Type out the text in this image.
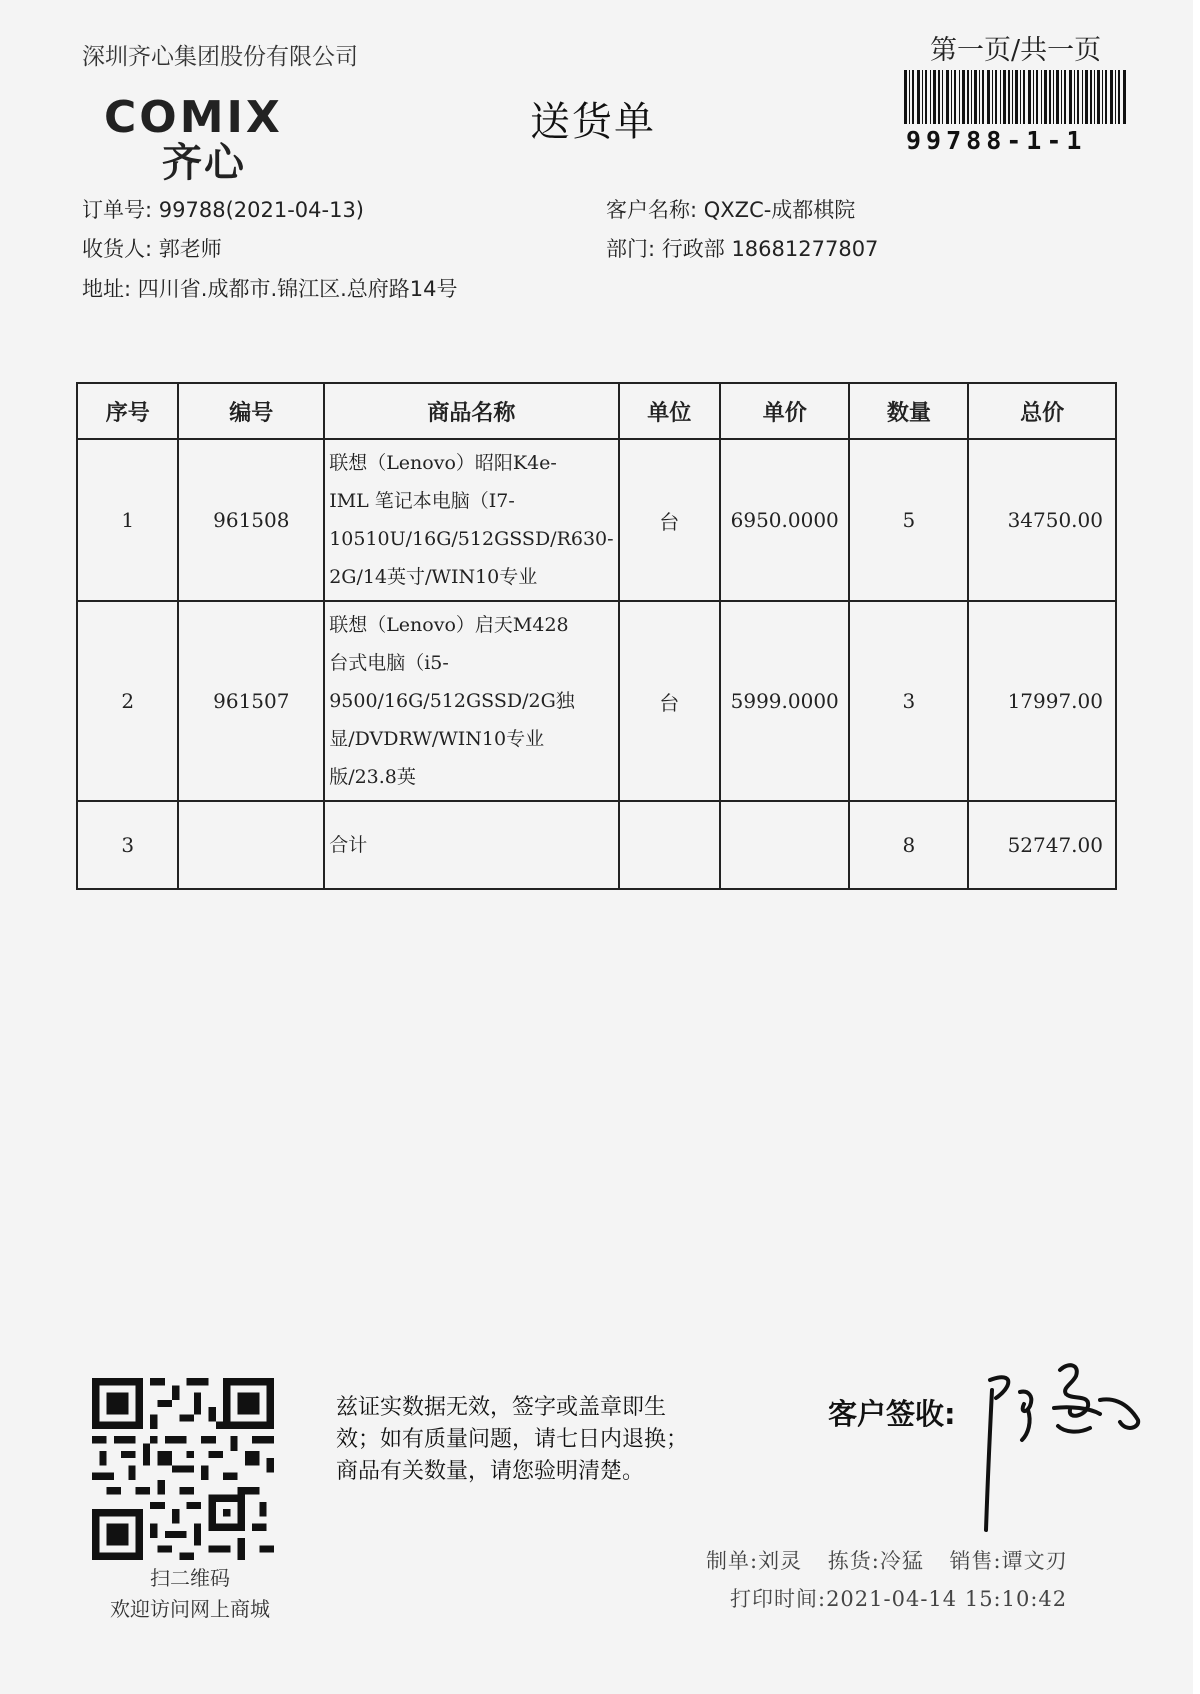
深圳齐心集团股份有限公司
COMIX
齐心
送货单
第一页/共一页
99788-1-1
订单号: 99788(2021-04-13)
收货人: 郭老师
地址: 四川省.成都市.锦江区.总府路14号
客户名称: QXZC-成都棋院
部门: 行政部 18681277807
序号	编号	商品名称	单位	单价	数量	总价
1	961508	联想（Lenovo）昭阳K4e-
IML 笔记本电脑（I7-
10510U/16G/512GSSD/R630-
2G/14英寸/WIN10专业	台	6950.0000	5	34750.00
2	961507	联想（Lenovo）启天M428
台式电脑（i5-
9500/16G/512GSSD/2G独
显/DVDRW/WIN10专业
版/23.8英	台	5999.0000	3	17997.00
3		合计			8	52747.00
扫二维码
欢迎访问网上商城
兹证实数据无效，签字或盖章即生
效；如有质量问题，请七日内退换；
商品有关数量，请您验明清楚。
客户签收:
制单:刘灵 拣货:冷猛 销售:谭文刃
打印时间:2021-04-14 15:10:42
